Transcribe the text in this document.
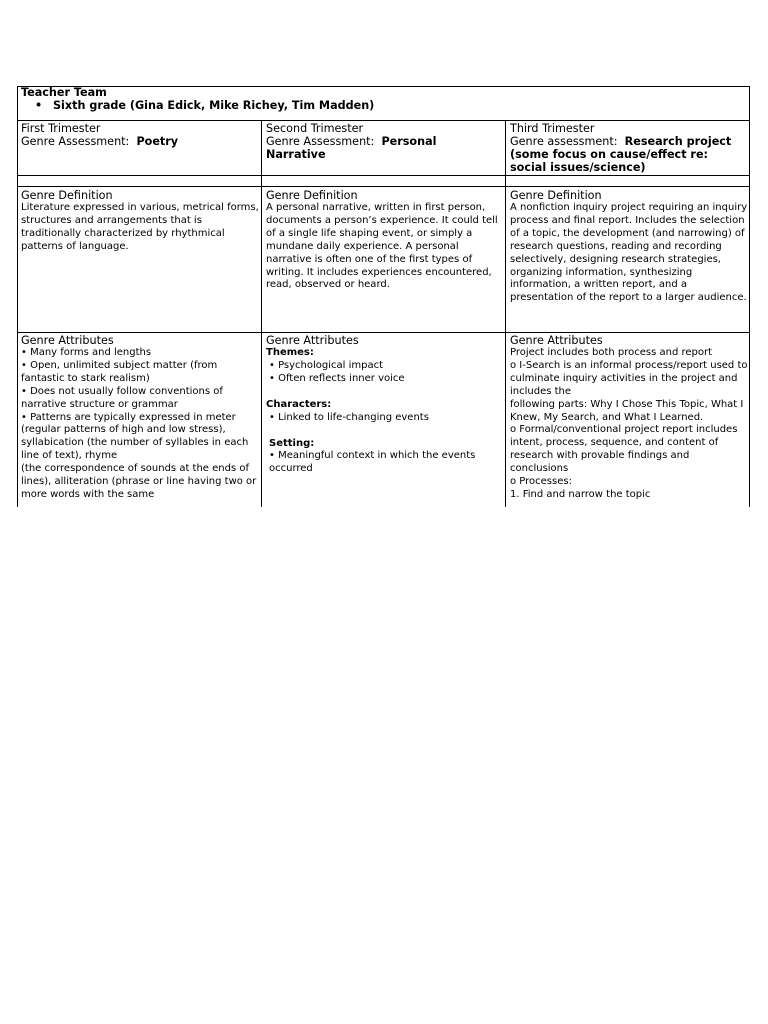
Teacher Team
• Sixth grade (Gina Edick, Mike Richey, Tim Madden)
First Trimester
Genre Assessment: Poetry
Second Trimester
Genre Assessment: Personal Narrative
Third Trimester
Genre assessment: Research project (some focus on cause/effect re: social issues/science)
Genre Definition
Literature expressed in various, metrical forms, structures and arrangements that is traditionally characterized by rhythmical patterns of language.
Genre Definition
A personal narrative, written in first person, documents a person’s experience. It could tell of a single life shaping event, or simply a mundane daily experience. A personal narrative is often one of the first types of writing. It includes experiences encountered, read, observed or heard.
Genre Definition
A nonfiction inquiry project requiring an inquiry process and final report. Includes the selection of a topic, the development (and narrowing) of research questions, reading and recording selectively, designing research strategies, organizing information, synthesizing information, a written report, and a presentation of the report to a larger audience.
Genre Attributes
• Many forms and lengths
• Open, unlimited subject matter (from fantastic to stark realism)
• Does not usually follow conventions of narrative structure or grammar
• Patterns are typically expressed in meter (regular patterns of high and low stress), syllabication (the number of syllables in each line of text), rhyme
(the correspondence of sounds at the ends of lines), alliteration (phrase or line having two or more words with the same
Genre Attributes
Themes:
• Psychological impact
• Often reflects inner voice
Characters:
• Linked to life-changing events
Setting:
• Meaningful context in which the events occurred
Genre Attributes
Project includes both process and report
o I-Search is an informal process/report used to culminate inquiry activities in the project and includes the
following parts: Why I Chose This Topic, What I Knew, My Search, and What I Learned.
o Formal/conventional project report includes intent, process, sequence, and content of research with provable findings and conclusions
o Processes:
1. Find and narrow the topic
